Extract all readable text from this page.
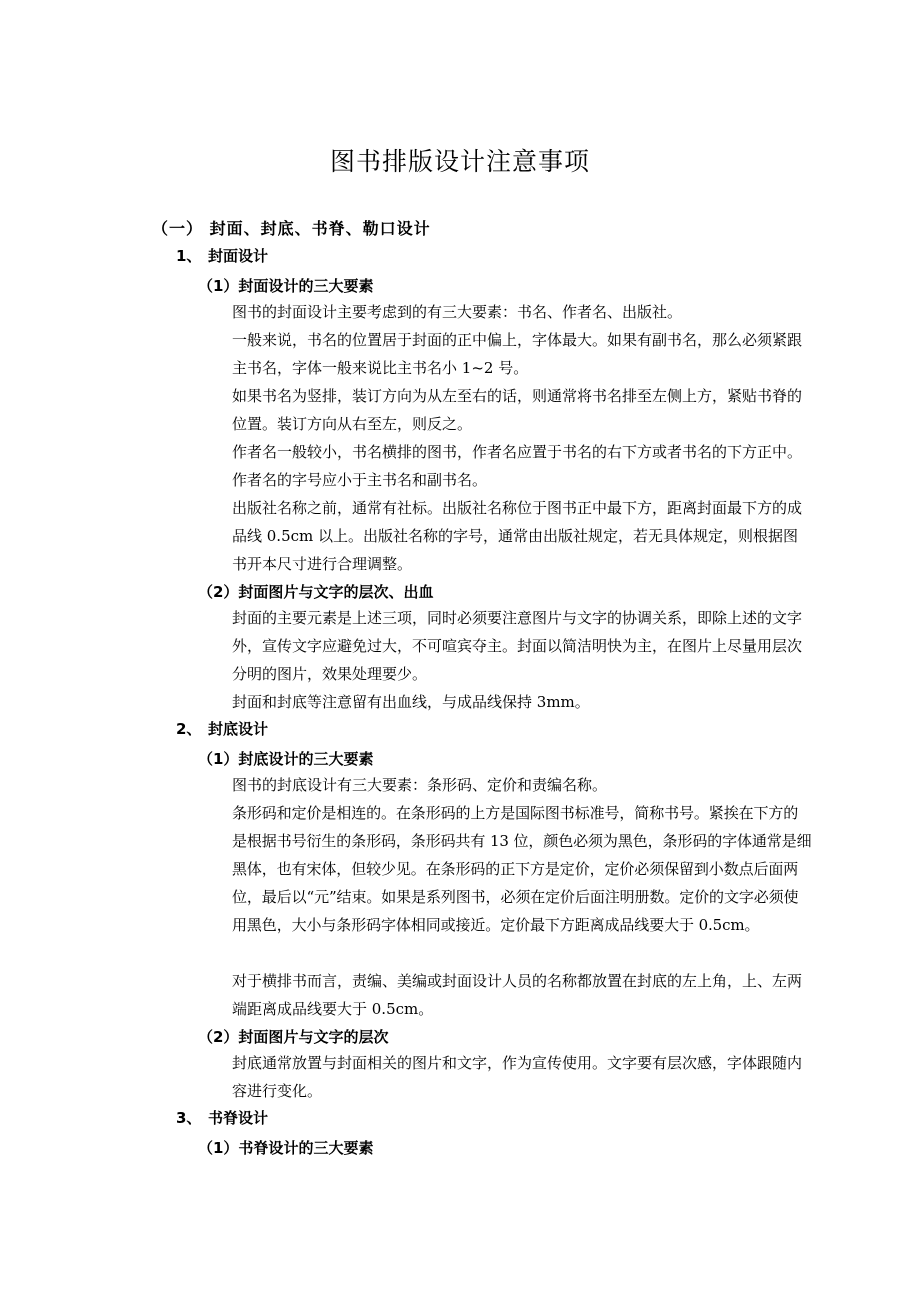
图书排版设计注意事项
（一） 封面、封底、书脊、勒口设计
1、 封面设计
（1）封面设计的三大要素
图书的封面设计主要考虑到的有三大要素：书名、作者名、出版社。
一般来说，书名的位置居于封面的正中偏上，字体最大。如果有副书名，那么必须紧跟主书名，字体一般来说比主书名小 1~2 号。
如果书名为竖排，装订方向为从左至右的话，则通常将书名排至左侧上方，紧贴书脊的位置。装订方向从右至左，则反之。
作者名一般较小，书名横排的图书，作者名应置于书名的右下方或者书名的下方正中。作者名的字号应小于主书名和副书名。
出版社名称之前，通常有社标。出版社名称位于图书正中最下方，距离封面最下方的成品线 0.5cm 以上。出版社名称的字号，通常由出版社规定，若无具体规定，则根据图书开本尺寸进行合理调整。
（2）封面图片与文字的层次、出血
封面的主要元素是上述三项，同时必须要注意图片与文字的协调关系，即除上述的文字外，宣传文字应避免过大，不可喧宾夺主。封面以简洁明快为主，在图片上尽量用层次分明的图片，效果处理要少。
封面和封底等注意留有出血线，与成品线保持 3mm。
2、 封底设计
（1）封底设计的三大要素
图书的封底设计有三大要素：条形码、定价和责编名称。
条形码和定价是相连的。在条形码的上方是国际图书标准号，简称书号。紧挨在下方的是根据书号衍生的条形码，条形码共有 13 位，颜色必须为黑色，条形码的字体通常是细黑体，也有宋体，但较少见。在条形码的正下方是定价，定价必须保留到小数点后面两位，最后以“元”结束。如果是系列图书，必须在定价后面注明册数。定价的文字必须使用黑色，大小与条形码字体相同或接近。定价最下方距离成品线要大于 0.5cm。
对于横排书而言，责编、美编或封面设计人员的名称都放置在封底的左上角，上、左两端距离成品线要大于 0.5cm。
（2）封面图片与文字的层次
封底通常放置与封面相关的图片和文字，作为宣传使用。文字要有层次感，字体跟随内容进行变化。
3、 书脊设计
（1）书脊设计的三大要素
